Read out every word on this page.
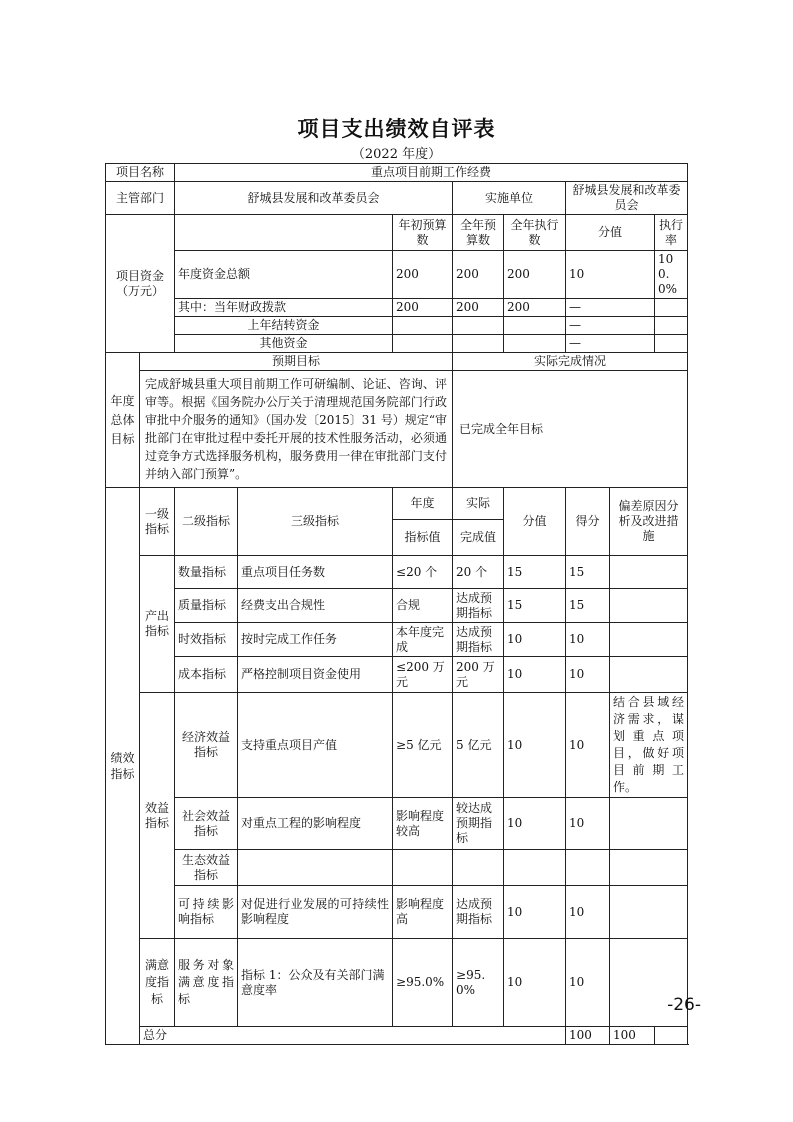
项目支出绩效自评表
（2022 年度）
项目名称		重点项目前期工作经费								
主管部门		舒城县发展和改革委员会			实施单位		舒城县发展和改革委员会			
项目资金（万元）				年初预算数	全年预算数	全年执行数	分值		执行率	
		年度资金总额		200	200	200	10		100.0%	
		其中：当年财政拨款		200	200	200	—		
		上年结转资金					—		
		其他资金					—		
年度总体目标	预期目标				实际完成情况					
	完成舒城县重大项目前期工作可研编制、论证、咨询、评审等。根据《国务院办公厅关于清理规范国务院部门行政审批中介服务的通知》（国办发〔2015〕31 号）规定“审批部门在审批过程中委托开展的技术性服务活动，必须通过竞争方式选择服务机构，服务费用一律在审批部门支付并纳入部门预算”。				已完成全年目标					
绩效指标	一级指标	二级指标	三级指标	年度	实际	分值	得分	偏差原因分析及改进措施		
				指标值	完成值					
	产出指标	数量指标	重点项目任务数	≤20 个	20 个	15	15			
		质量指标	经费支出合规性	合规	达成预期指标	15	15			
		时效指标	按时完成工作任务	本年度完成	达成预期指标	10	10			
		成本指标	严格控制项目资金使用	≤200 万元	200 万元	10	10			
	效益指标	经济效益指标	支持重点项目产值	≥5 亿元	5 亿元	10	10	结合县域经济需求，谋划重点项目，做好项目前期工作。		
		社会效益指标	对重点工程的影响程度	影响程度较高	较达成预期指标	10	10			
		生态效益指标								
		可持续影响指标	对促进行业发展的可持续性影响程度	影响程度高	达成预期指标	10	10			
	满意度指标	服务对象满意度指标	指标 1：公众及有关部门满意度率	≥95.0%	≥95.0%	10	10			
	总分						100	100		
-26-
